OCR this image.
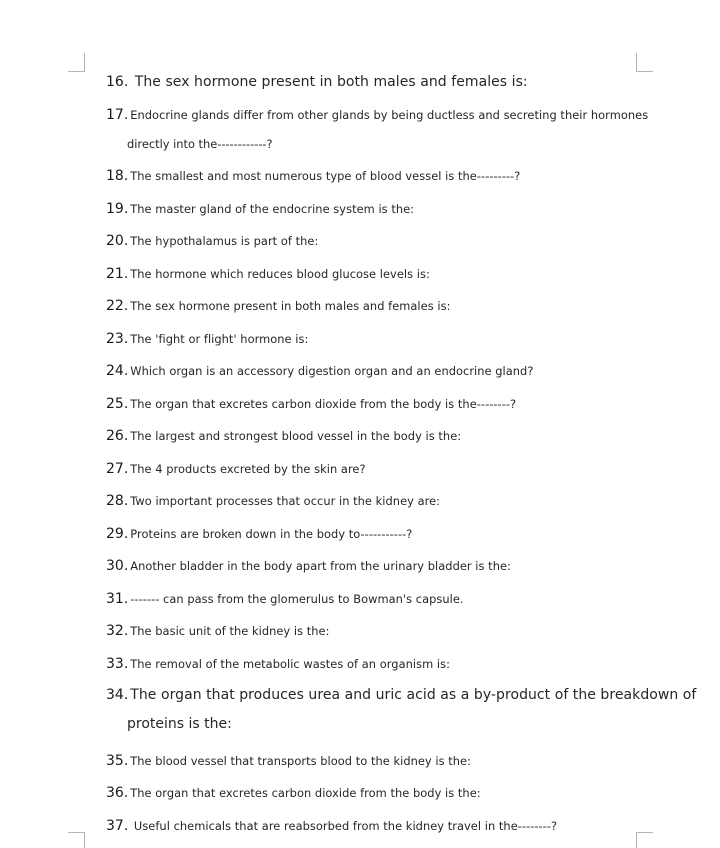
16. The sex hormone present in both males and females is:
17. Endocrine glands differ from other glands by being ductless and secreting their hormones
directly into the------------?
18. The smallest and most numerous type of blood vessel is the---------?
19. The master gland of the endocrine system is the:
20. The hypothalamus is part of the:
21. The hormone which reduces blood glucose levels is:
22. The sex hormone present in both males and females is:
23. The 'fight or flight' hormone is:
24. Which organ is an accessory digestion organ and an endocrine gland?
25. The organ that excretes carbon dioxide from the body is the--------?
26. The largest and strongest blood vessel in the body is the:
27. The 4 products excreted by the skin are?
28. Two important processes that occur in the kidney are:
29. Proteins are broken down in the body to-----------?
30. Another bladder in the body apart from the urinary bladder is the:
31. ------- can pass from the glomerulus to Bowman's capsule.
32. The basic unit of the kidney is the:
33. The removal of the metabolic wastes of an organism is:
34. The organ that produces urea and uric acid as a by-product of the breakdown of
proteins is the:
35. The blood vessel that transports blood to the kidney is the:
36. The organ that excretes carbon dioxide from the body is the:
37. Useful chemicals that are reabsorbed from the kidney travel in the--------?
